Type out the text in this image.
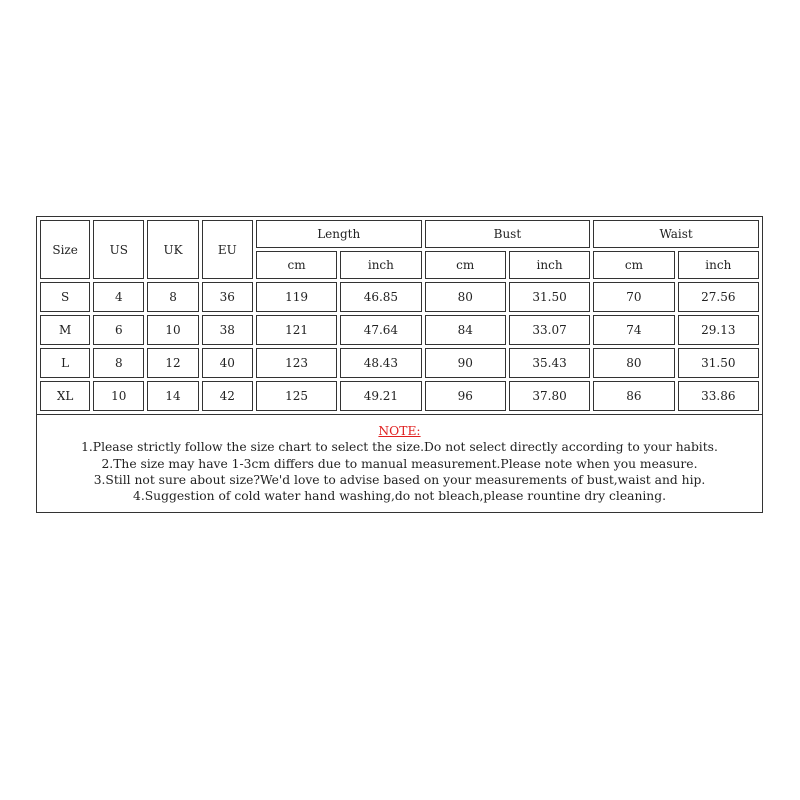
Size	US	UK	EU	Length		Bust		Waist	
				cm	inch	cm	inch	cm	inch
S	4	8	36	119	46.85	80	31.50	70	27.56
M	6	10	38	121	47.64	84	33.07	74	29.13
L	8	12	40	123	48.43	90	35.43	80	31.50
XL	10	14	42	125	49.21	96	37.80	86	33.86
NOTE:
1.Please strictly follow the size chart to select the size.Do not select directly according to your habits.
2.The size may have 1-3cm differs due to manual measurement.Please note when you measure.
3.Still not sure about size?We'd love to advise based on your measurements of bust,waist and hip.
4.Suggestion of cold water hand washing,do not bleach,please rountine dry cleaning.
